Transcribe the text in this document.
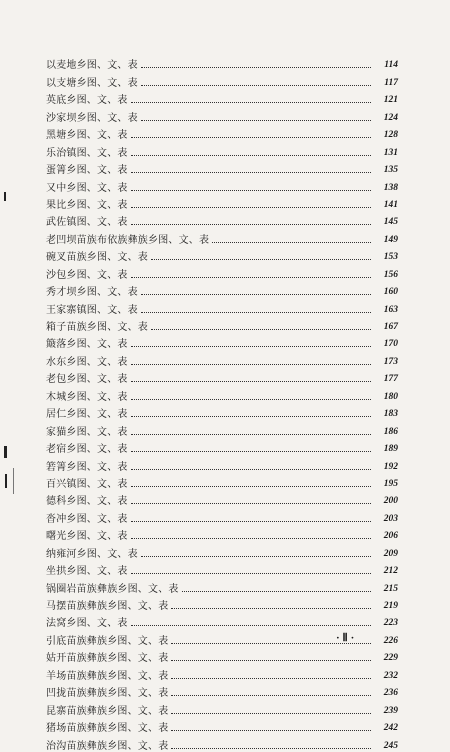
以麦地乡图、文、表	114
以支塘乡图、文、表	117
英底乡图、文、表	121
沙家坝乡图、文、表	124
黑塘乡图、文、表	128
乐治镇图、文、表	131
蛋箐乡图、文、表	135
又中乡图、文、表	138
果比乡图、文、表	141
武佐镇图、文、表	145
老凹坝苗族布依族彝族乡图、文、表	149
碗叉苗族乡图、文、表	153
沙包乡图、文、表	156
秀才坝乡图、文、表	160
王家寨镇图、文、表	163
箱子苗族乡图、文、表	167
簸落乡图、文、表	170
水东乡图、文、表	173
老包乡图、文、表	177
木城乡图、文、表	180
居仁乡图、文、表	183
家猫乡图、文、表	186
老宿乡图、文、表	189
箬箐乡图、文、表	192
百兴镇图、文、表	195
德科乡图、文、表	200
沓冲乡图、文、表	203
曙光乡图、文、表	206
纳雍河乡图、文、表	209
坐拱乡图、文、表	212
锅圈岩苗族彝族乡图、文、表	215
马摆苗族彝族乡图、文、表	219
法窝乡图、文、表	223
引底苗族彝族乡图、文、表	226
姑开苗族彝族乡图、文、表	229
羊场苗族彝族乡图、文、表	232
凹拢苗族彝族乡图、文、表	236
昆寨苗族彝族乡图、文、表	239
猪场苗族彝族乡图、文、表	242
治沟苗族彝族乡图、文、表	245
· Ⅱ ·
